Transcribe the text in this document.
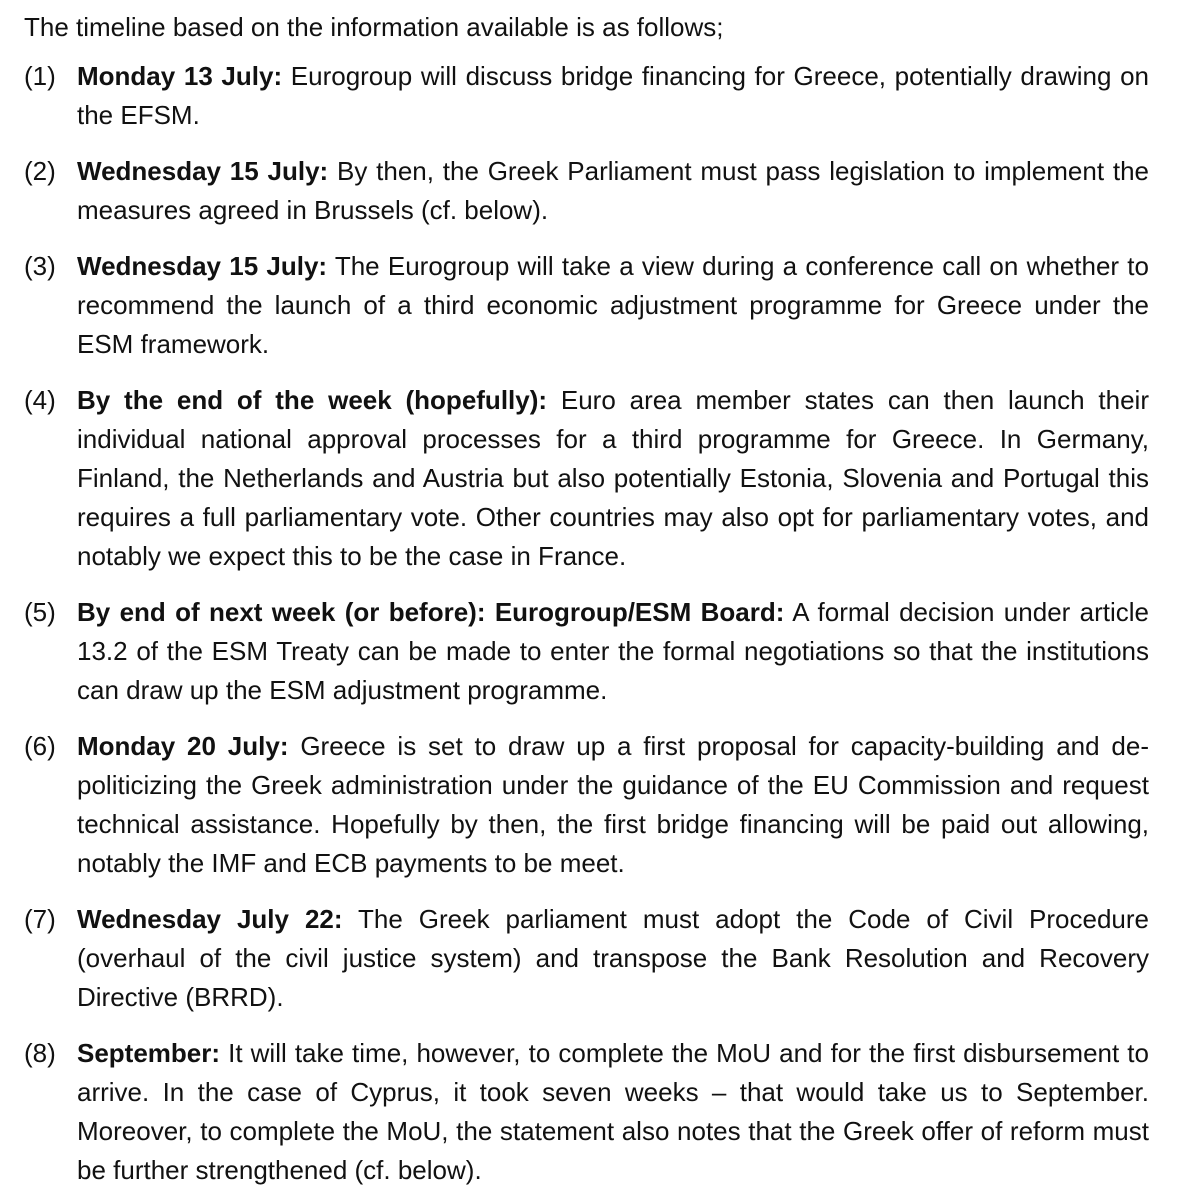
The timeline based on the information available is as follows;

(1) Monday 13 July: Eurogroup will discuss bridge financing for Greece, potentially drawing on the EFSM.
(2) Wednesday 15 July: By then, the Greek Parliament must pass legislation to implement the measures agreed in Brussels (cf. below).
(3) Wednesday 15 July: The Eurogroup will take a view during a conference call on whether to recommend the launch of a third economic adjustment programme for Greece under the ESM framework.
(4) By the end of the week (hopefully): Euro area member states can then launch their individual national approval processes for a third programme for Greece. In Germany, Finland, the Netherlands and Austria but also potentially Estonia, Slovenia and Portugal this requires a full parliamentary vote. Other countries may also opt for parliamentary votes, and notably we expect this to be the case in France.
(5) By end of next week (or before): Eurogroup/ESM Board: A formal decision under article 13.2 of the ESM Treaty can be made to enter the formal negotiations so that the institutions can draw up the ESM adjustment programme.
(6) Monday 20 July: Greece is set to draw up a first proposal for capacity-building and de-politicizing the Greek administration under the guidance of the EU Commission and request technical assistance. Hopefully by then, the first bridge financing will be paid out allowing, notably the IMF and ECB payments to be meet.
(7) Wednesday July 22: The Greek parliament must adopt the Code of Civil Procedure (overhaul of the civil justice system) and transpose the Bank Resolution and Recovery Directive (BRRD).
(8) September: It will take time, however, to complete the MoU and for the first disbursement to arrive. In the case of Cyprus, it took seven weeks – that would take us to September. Moreover, to complete the MoU, the statement also notes that the Greek offer of reform must be further strengthened (cf. below).
